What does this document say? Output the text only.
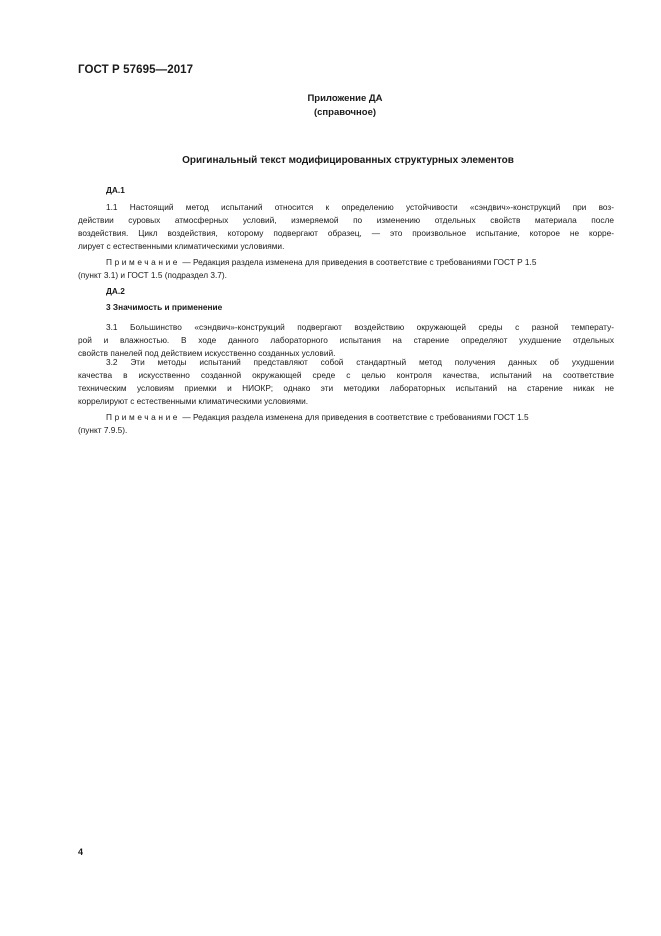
ГОСТ Р 57695—2017
Приложение ДА
(справочное)
Оригинальный текст модифицированных структурных элементов
ДА.1
1.1 Настоящий метод испытаний относится к определению устойчивости «сэндвич»-конструкций при воз-
действии суровых атмосферных условий, измеряемой по изменению отдельных свойств материала после
воздействия. Цикл воздействия, которому подвергают образец, — это произвольное испытание, которое не корре-
лирует с естественными климатическими условиями.
Примечание — Редакция раздела изменена для приведения в соответствие с требованиями ГОСТ Р 1.5
(пункт 3.1) и ГОСТ 1.5 (подраздел 3.7).
ДА.2
3 Значимость и применение
3.1 Большинство «сэндвич»-конструкций подвергают воздействию окружающей среды с разной температу-
рой и влажностью. В ходе данного лабораторного испытания на старение определяют ухудшение отдельных
свойств панелей под действием искусственно созданных условий.
3.2 Эти методы испытаний представляют собой стандартный метод получения данных об ухудшении
качества в искусственно созданной окружающей среде с целью контроля качества, испытаний на соответствие
техническим условиям приемки и НИОКР; однако эти методики лабораторных испытаний на старение никак не
коррелируют с естественными климатическими условиями.
Примечание — Редакция раздела изменена для приведения в соответствие с требованиями ГОСТ 1.5
(пункт 7.9.5).
4
